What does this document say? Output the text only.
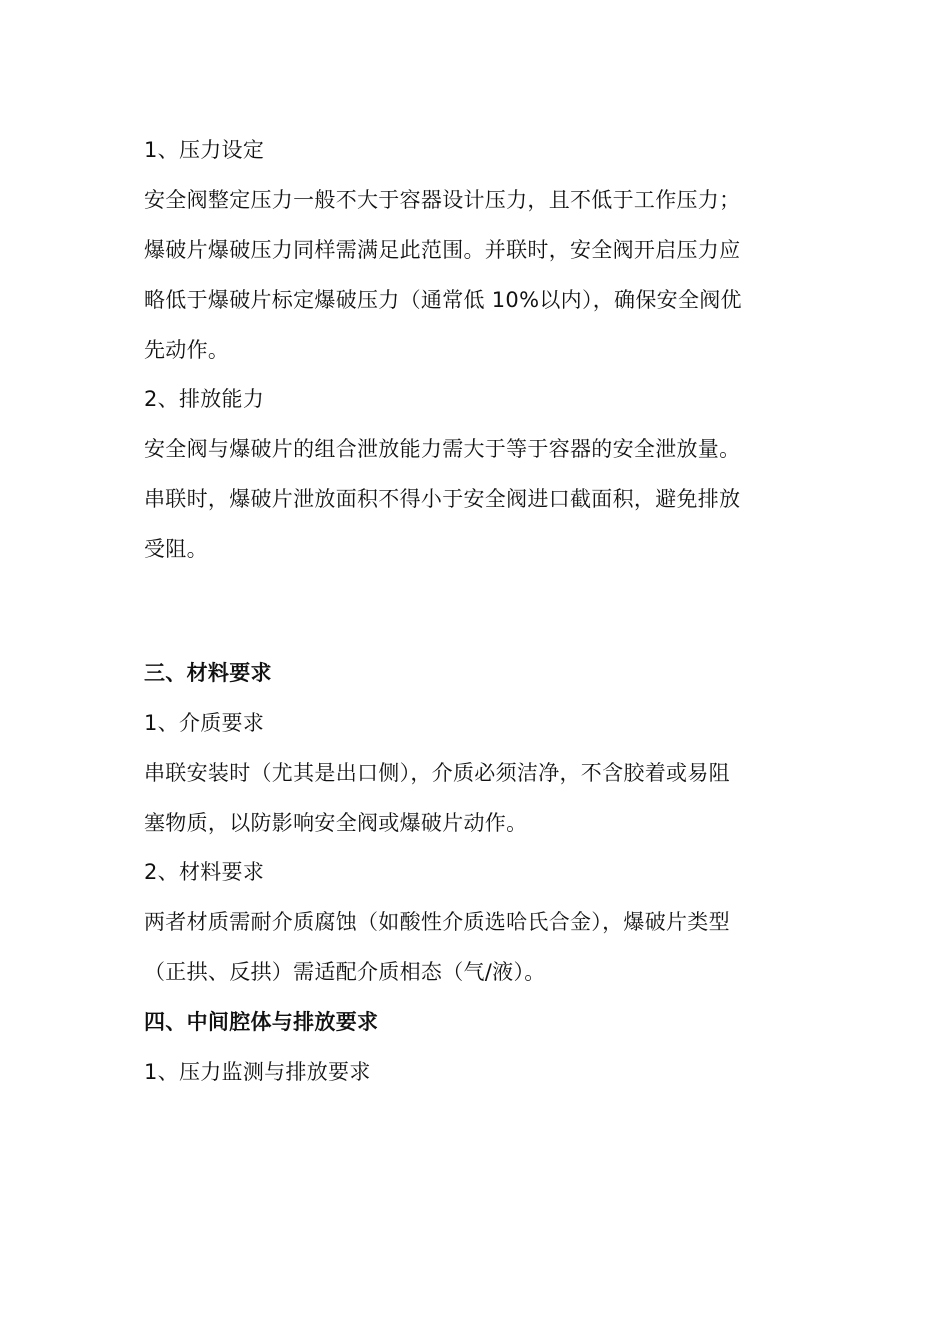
1、压力设定
安全阀整定压力一般不大于容器设计压力，且不低于工作压力；
爆破片爆破压力同样需满足此范围。并联时，安全阀开启压力应
略低于爆破片标定爆破压力（通常低 10%以内），确保安全阀优
先动作。
2、排放能力
安全阀与爆破片的组合泄放能力需大于等于容器的安全泄放量。
串联时，爆破片泄放面积不得小于安全阀进口截面积，避免排放
受阻。
三、材料要求
1、介质要求
串联安装时（尤其是出口侧），介质必须洁净，不含胶着或易阻
塞物质，以防影响安全阀或爆破片动作。
2、材料要求
两者材质需耐介质腐蚀（如酸性介质选哈氏合金），爆破片类型
（正拱、反拱）需适配介质相态（气/液）。
四、中间腔体与排放要求
1、压力监测与排放要求
